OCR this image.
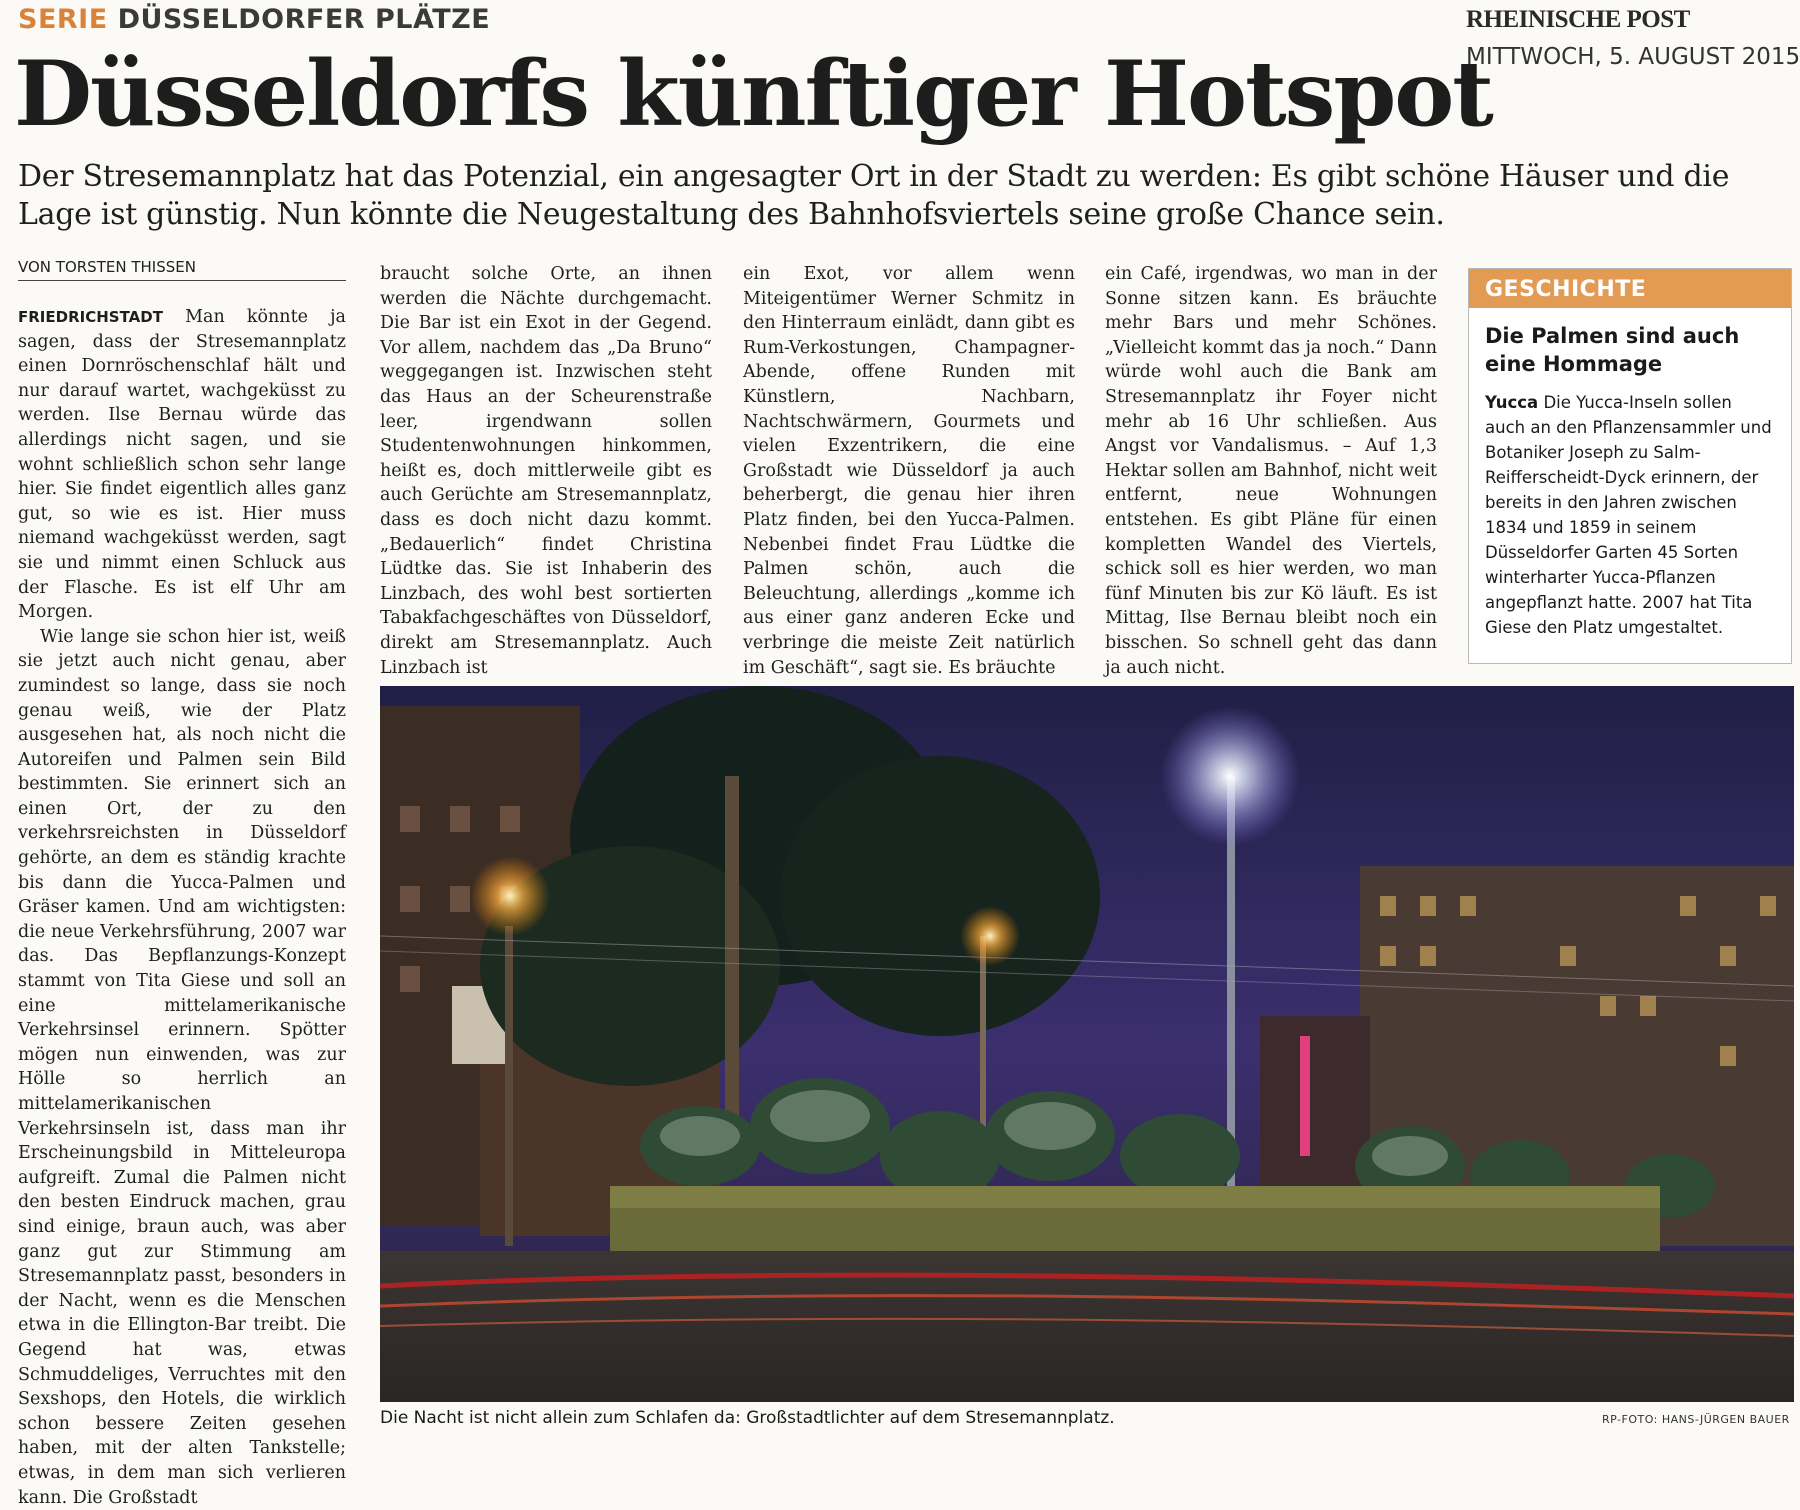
SERIE DÜSSELDORFER PLÄTZE	RHEINISCHE POST
MITTWOCH, 5. AUGUST 2015
Düsseldorfs künftiger Hotspot
Der Stresemannplatz hat das Potenzial, ein angesagter Ort in der Stadt zu werden: Es gibt schöne Häuser und die Lage ist günstig. Nun könnte die Neugestaltung des Bahnhofsviertels seine große Chance sein.
VON TORSTEN THISSEN

FRIEDRICHSTADT Man könnte ja sagen, dass der Stresemannplatz einen Dornröschenschlaf hält und nur darauf wartet, wachgeküsst zu werden. Ilse Bernau würde das allerdings nicht sagen, und sie wohnt schließlich schon sehr lange hier. Sie findet eigentlich alles ganz gut, so wie es ist. Hier muss niemand wachgeküsst werden, sagt sie und nimmt einen Schluck aus der Flasche. Es ist elf Uhr am Morgen.

Wie lange sie schon hier ist, weiß sie jetzt auch nicht genau, aber zumindest so lange, dass sie noch genau weiß, wie der Platz ausgesehen hat, als noch nicht die Autoreifen und Palmen sein Bild bestimmten. Sie erinnert sich an einen Ort, der zu den verkehrsreichsten in Düsseldorf gehörte, an dem es ständig krachte bis dann die Yucca-Palmen und Gräser kamen. Und am wichtigsten: die neue Verkehrsführung, 2007 war das. Das Bepflanzungs-Konzept stammt von Tita Giese und soll an eine mittelamerikanische Verkehrsinsel erinnern. Spötter mögen nun einwenden, was zur Hölle so herrlich an mittelamerikanischen Verkehrsinseln ist, dass man ihr Erscheinungsbild in Mitteleuropa aufgreift. Zumal die Palmen nicht den besten Eindruck machen, grau sind einige, braun auch, was aber ganz gut zur Stimmung am Stresemannplatz passt, besonders in der Nacht, wenn es die Menschen etwa in die Ellington-Bar treibt. Die Gegend hat was, etwas Schmuddeliges, Verruchtes mit den Sexshops, den Hotels, die wirklich schon bessere Zeiten gesehen haben, mit der alten Tankstelle; etwas, in dem man sich verlieren kann. Die Großstadt

braucht solche Orte, an ihnen werden die Nächte durchgemacht. Die Bar ist ein Exot in der Gegend. Vor allem, nachdem das „Da Bruno“ weggegangen ist. Inzwischen steht das Haus an der Scheurenstraße leer, irgendwann sollen Studentenwohnungen hinkommen, heißt es, doch mittlerweile gibt es auch Gerüchte am Stresemannplatz, dass es doch nicht dazu kommt. „Bedauerlich“ findet Christina Lüdtke das. Sie ist Inhaberin des Linzbach, des wohl best sortierten Tabakfachgeschäftes von Düsseldorf, direkt am Stresemannplatz. Auch Linzbach ist

ein Exot, vor allem wenn Miteigentümer Werner Schmitz in den Hinterraum einlädt, dann gibt es Rum-Verkostungen, Champagner-Abende, offene Runden mit Künstlern, Nachbarn, Nachtschwärmern, Gourmets und vielen Exzentrikern, die eine Großstadt wie Düsseldorf ja auch beherbergt, die genau hier ihren Platz finden, bei den Yucca-Palmen. Nebenbei findet Frau Lüdtke die Palmen schön, auch die Beleuchtung, allerdings „komme ich aus einer ganz anderen Ecke und verbringe die meiste Zeit natürlich im Geschäft“, sagt sie. Es bräuchte

ein Café, irgendwas, wo man in der Sonne sitzen kann. Es bräuchte mehr Bars und mehr Schönes. „Vielleicht kommt das ja noch.“ Dann würde wohl auch die Bank am Stresemannplatz ihr Foyer nicht mehr ab 16 Uhr schließen. Aus Angst vor Vandalismus. – Auf 1,3 Hektar sollen am Bahnhof, nicht weit entfernt, neue Wohnungen entstehen. Es gibt Pläne für einen kompletten Wandel des Viertels, schick soll es hier werden, wo man fünf Minuten bis zur Kö läuft. Es ist Mittag, Ilse Bernau bleibt noch ein bisschen. So schnell geht das dann ja auch nicht.

GESCHICHTE
Die Palmen sind auch eine Hommage
Yucca Die Yucca-Inseln sollen auch an den Pflanzensammler und Botaniker Joseph zu Salm-Reifferscheidt-Dyck erinnern, der bereits in den Jahren zwischen 1834 und 1859 in seinem Düsseldorfer Garten 45 Sorten winterharter Yucca-Pflanzen angepflanzt hatte. 2007 hat Tita Giese den Platz umgestaltet.
Die Nacht ist nicht allein zum Schlafen da: Großstadtlichter auf dem Stresemannplatz.	RP-FOTO: HANS-JÜRGEN BAUER
